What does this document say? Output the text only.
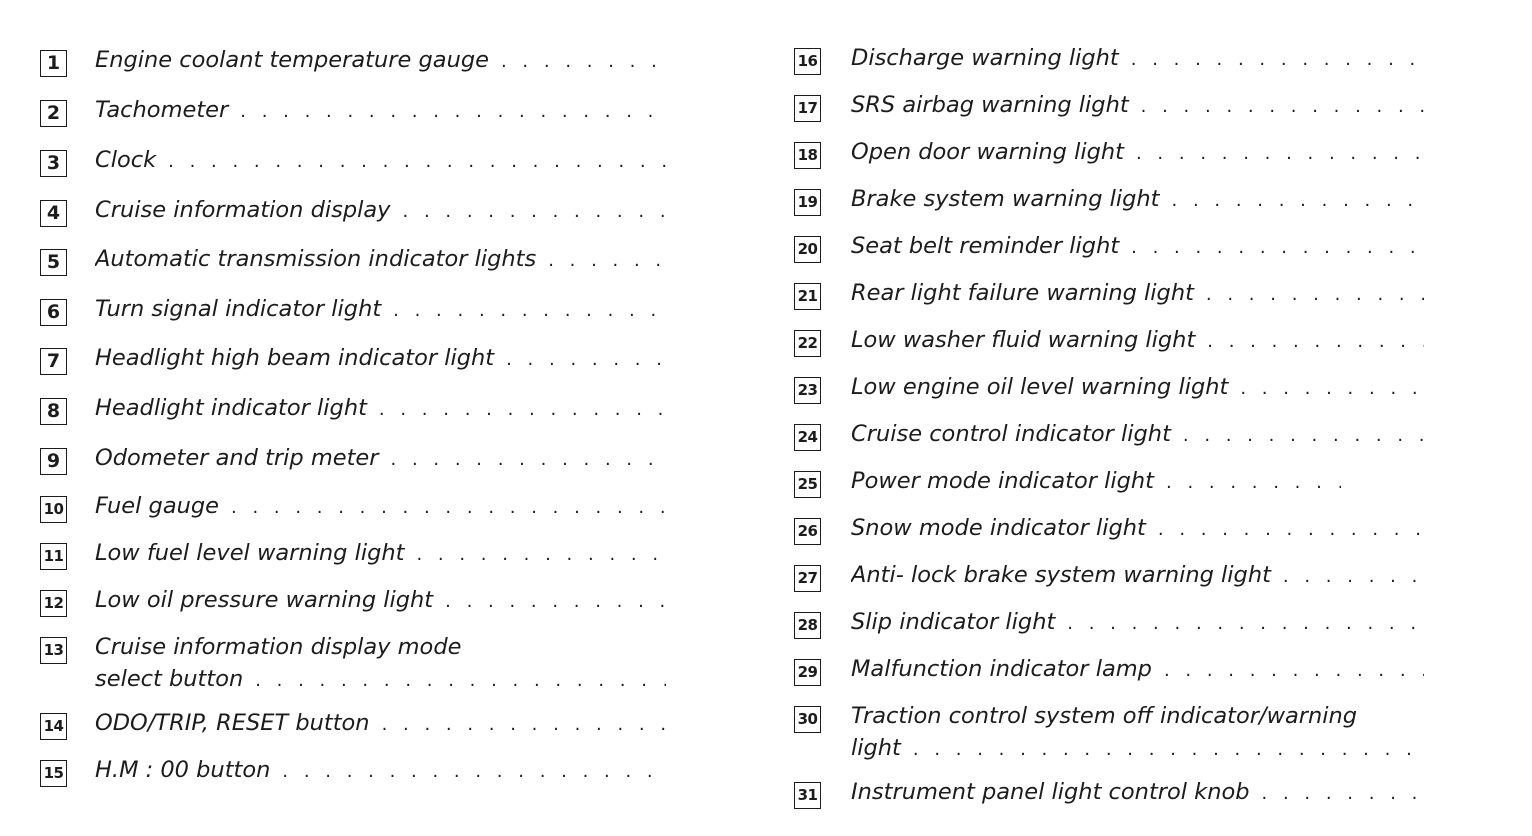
1	Engine coolant temperature gauge
. . .
2	Tachometer
. . .
3	Clock
. . .
4	Cruise information display
. . .
5	Automatic transmission indicator lights
. . .
6	Turn signal indicator light
. . .
7	Headlight high beam indicator light
. . .
8	Headlight indicator light
. . .
9	Odometer and trip meter
. . .
10 Fuel gauge
. . .
11 Low fuel level warning light
. . .
12 Low oil pressure warning light
. . .
13 Cruise information display mode
select button
. . .
14 ODO/TRIP, RESET button
. . .
15 H.M : 00 button
. . .
16 Discharge warning light
. . .
17 SRS airbag warning light
. . .
18 Open door warning light
. . .
19 Brake system warning light
. . .
20 Seat belt reminder light
. . .
21 Rear light failure warning light
. . .
22 Low washer fluid warning light
. . .
23 Low engine oil level warning light
. . .
24 Cruise control indicator light
. . .
25 Power mode indicator light
. . .
26 Snow mode indicator light
. . .
27 Anti- lock brake system warning light
. . .
28 Slip indicator light
. . .
29 Malfunction indicator lamp
. . .
30 Traction control system off indicator/warning
light
. . .
31 Instrument panel light control knob
. . .
